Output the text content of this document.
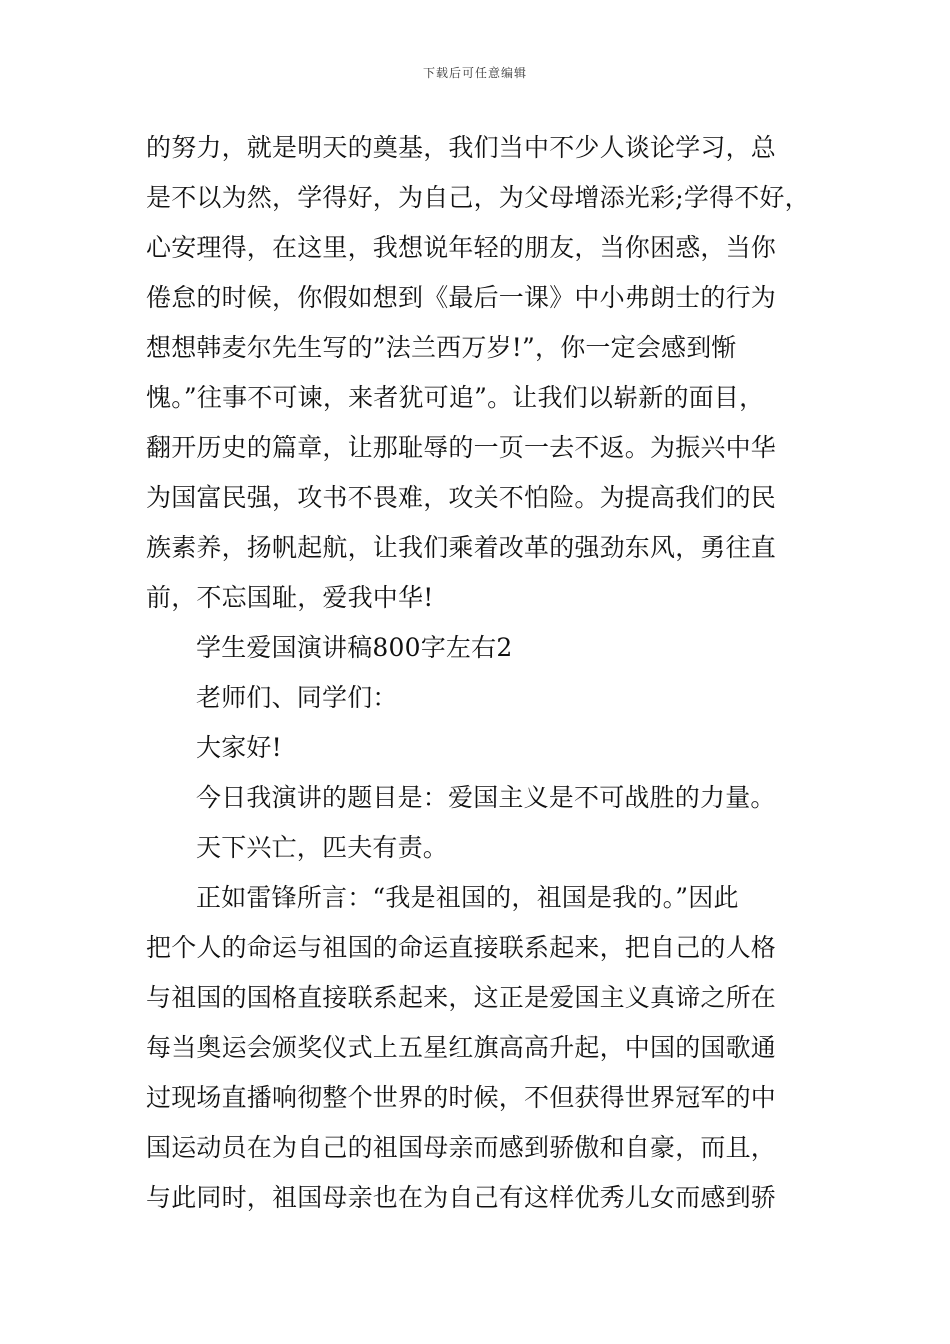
下载后可任意编辑
的努力，就是明天的奠基，我们当中不少人谈论学习，总
是不以为然，学得好，为自己，为父母增添光彩;学得不好，
心安理得，在这里，我想说年轻的朋友，当你困惑，当你
倦怠的时候，你假如想到《最后一课》中小弗朗士的行为
想想韩麦尔先生写的”法兰西万岁!”，你一定会感到惭
愧。”往事不可谏，来者犹可追”。让我们以崭新的面目，
翻开历史的篇章，让那耻辱的一页一去不返。为振兴中华
为国富民强，攻书不畏难，攻关不怕险。为提高我们的民
族素养，扬帆起航，让我们乘着改革的强劲东风，勇往直
前，不忘国耻，爱我中华!
学生爱国演讲稿800字左右2
老师们、同学们：
大家好!
今日我演讲的题目是：爱国主义是不可战胜的力量。
天下兴亡，匹夫有责。
正如雷锋所言：“我是祖国的，祖国是我的。”因此
把个人的命运与祖国的命运直接联系起来，把自己的人格
与祖国的国格直接联系起来，这正是爱国主义真谛之所在
每当奥运会颁奖仪式上五星红旗高高升起，中国的国歌通
过现场直播响彻整个世界的时候，不但获得世界冠军的中
国运动员在为自己的祖国母亲而感到骄傲和自豪，而且，
与此同时，祖国母亲也在为自己有这样优秀儿女而感到骄
